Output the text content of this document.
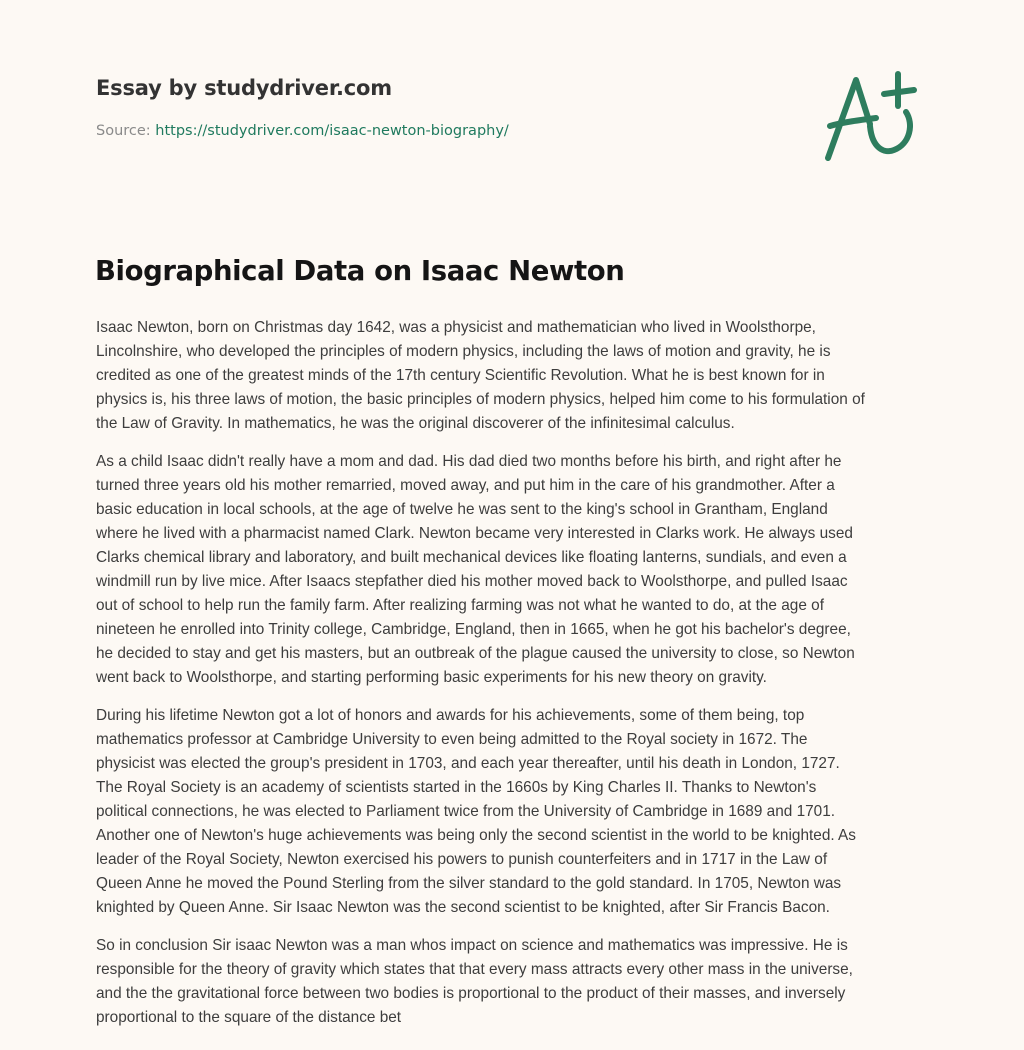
Essay by studydriver.com
Source: https://studydriver.com/isaac-newton-biography/
Biographical Data on Isaac Newton

Isaac Newton, born on Christmas day 1642, was a physicist and mathematician who lived in Woolsthorpe,
Lincolnshire, who developed the principles of modern physics, including the laws of motion and gravity, he is
credited as one of the greatest minds of the 17th century Scientific Revolution. What he is best known for in
physics is, his three laws of motion, the basic principles of modern physics, helped him come to his formulation of
the Law of Gravity. In mathematics, he was the original discoverer of the infinitesimal calculus.

As a child Isaac didn't really have a mom and dad. His dad died two months before his birth, and right after he
turned three years old his mother remarried, moved away, and put him in the care of his grandmother. After a
basic education in local schools, at the age of twelve he was sent to the king's school in Grantham, England
where he lived with a pharmacist named Clark. Newton became very interested in Clarks work. He always used
Clarks chemical library and laboratory, and built mechanical devices like floating lanterns, sundials, and even a
windmill run by live mice. After Isaacs stepfather died his mother moved back to Woolsthorpe, and pulled Isaac
out of school to help run the family farm. After realizing farming was not what he wanted to do, at the age of
nineteen he enrolled into Trinity college, Cambridge, England, then in 1665, when he got his bachelor's degree,
he decided to stay and get his masters, but an outbreak of the plague caused the university to close, so Newton
went back to Woolsthorpe, and starting performing basic experiments for his new theory on gravity.

During his lifetime Newton got a lot of honors and awards for his achievements, some of them being, top
mathematics professor at Cambridge University to even being admitted to the Royal society in 1672. The
physicist was elected the group's president in 1703, and each year thereafter, until his death in London, 1727.
The Royal Society is an academy of scientists started in the 1660s by King Charles II. Thanks to Newton's
political connections, he was elected to Parliament twice from the University of Cambridge in 1689 and 1701.
Another one of Newton's huge achievements was being only the second scientist in the world to be knighted. As
leader of the Royal Society, Newton exercised his powers to punish counterfeiters and in 1717 in the Law of
Queen Anne he moved the Pound Sterling from the silver standard to the gold standard. In 1705, Newton was
knighted by Queen Anne. Sir Isaac Newton was the second scientist to be knighted, after Sir Francis Bacon.

So in conclusion Sir isaac Newton was a man whos impact on science and mathematics was impressive. He is
responsible for the theory of gravity which states that that every mass attracts every other mass in the universe,
and the the gravitational force between two bodies is proportional to the product of their masses, and inversely
proportional to the square of the distance bet
